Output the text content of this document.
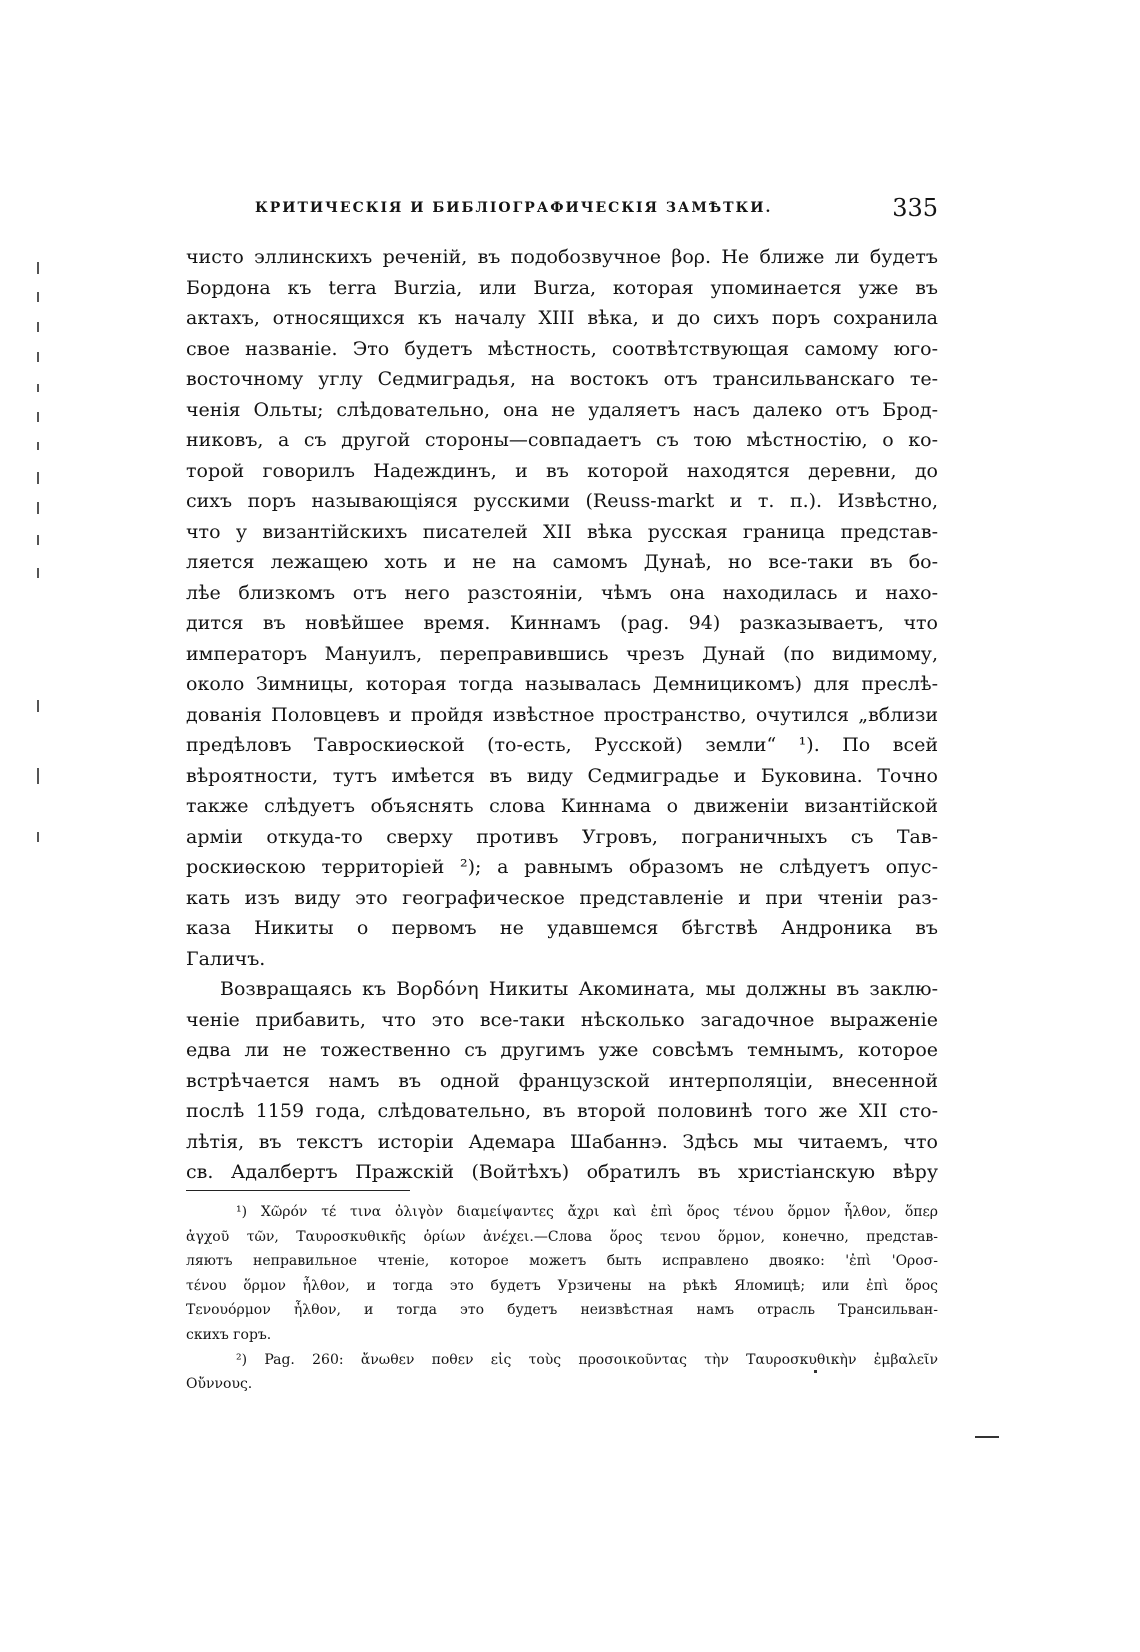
КРИТИЧЕСКІЯ И БИБЛІОГРАФИЧЕСКІЯ ЗАМѢТКИ.	335
чисто эллинскихъ реченій, въ подобозвучное βορ. Не ближе ли будетъ
Бордона къ terra Burzia, или Burza, которая упоминается уже въ
актахъ, относящихся къ началу XIII вѣка, и до сихъ поръ сохранила
свое названіе. Это будетъ мѣстность, соотвѣтствующая самому юго-
восточному углу Седмиградья, на востокъ отъ трансильванскаго те-
ченія Ольты; слѣдовательно, она не удаляетъ насъ далеко отъ Брод-
никовъ, а съ другой стороны—совпадаетъ съ тою мѣстностію, о ко-
торой говорилъ Надеждинъ, и въ которой находятся деревни, до
сихъ поръ называющіяся русскими (Reuss-markt и т. п.). Извѣстно,
что у византійскихъ писателей XII вѣка русская граница представ-
ляется лежащею хоть и не на самомъ Дунаѣ, но все-таки въ бо-
лѣе близкомъ отъ него разстояніи, чѣмъ она находилась и нахо-
дится въ новѣйшее время. Киннамъ (pag. 94) разказываетъ, что
императоръ Мануилъ, переправившись чрезъ Дунай (по видимому,
около Зимницы, которая тогда называлась Демницикомъ) для преслѣ-
дованія Половцевъ и пройдя извѣстное пространство, очутился „вблизи
предѣловъ Тавроскиѳской (то-есть, Русской) земли“ ¹). По всей
вѣроятности, тутъ имѣется въ виду Седмиградье и Буковина. Точно
также слѣдуетъ объяснять слова Киннама о движеніи византійской
арміи откуда-то сверху противъ Угровъ, пограничныхъ съ Тав-
роскиѳскою территоріей ²); а равнымъ образомъ не слѣдуетъ опус-
кать изъ виду это географическое представленіе и при чтеніи раз-
каза Никиты о первомъ не удавшемся бѣгствѣ Андроника въ
Галичъ.
Возвращаясь къ Βορδόνη Никиты Акомината, мы должны въ заклю-
ченіе прибавить, что это все-таки нѣсколько загадочное выраженіе
едва ли не тожественно съ другимъ уже совсѣмъ темнымъ, которое
встрѣчается намъ въ одной французской интерполяціи, внесенной
послѣ 1159 года, слѣдовательно, въ второй половинѣ того же XII сто-
лѣтія, въ текстъ исторіи Адемара Шабаннэ. Здѣсь мы читаемъ, что
св. Адалбертъ Пражскій (Войтѣхъ) обратилъ въ христіанскую вѣру
¹) Χῶρόν τέ τινα ὀλιγὸν διαμείψαντες ἄχρι καὶ ἐπὶ ὅρος τένου ὅρμον ἦλθον, ὅπερ
ἀγχοῦ τῶν, Ταυροσκυθικῆς ὁρίων ἀνέχει.—Слова ὅρος τενου ὅρμον, конечно, представ-
ляютъ неправильное чтеніе, которое можетъ быть исправлено двояко: 'ἐπὶ 'Οροσ-
τένου ὅρμον ἦλθον, и тогда это будетъ Урзичены на рѣкѣ Яломицѣ; или ἐπὶ ὅρος
Τενουόρμον ἦλθον, и тогда это будетъ неизвѣстная намъ отрасль Трансильван-
скихъ горъ.
²) Pag. 260: ἄνωθεν ποθεν εἰς τοὺς προσοικοῦντας τὴν Ταυροσκυθικὴν ἐμβαλεῖν
Οὔννους.
